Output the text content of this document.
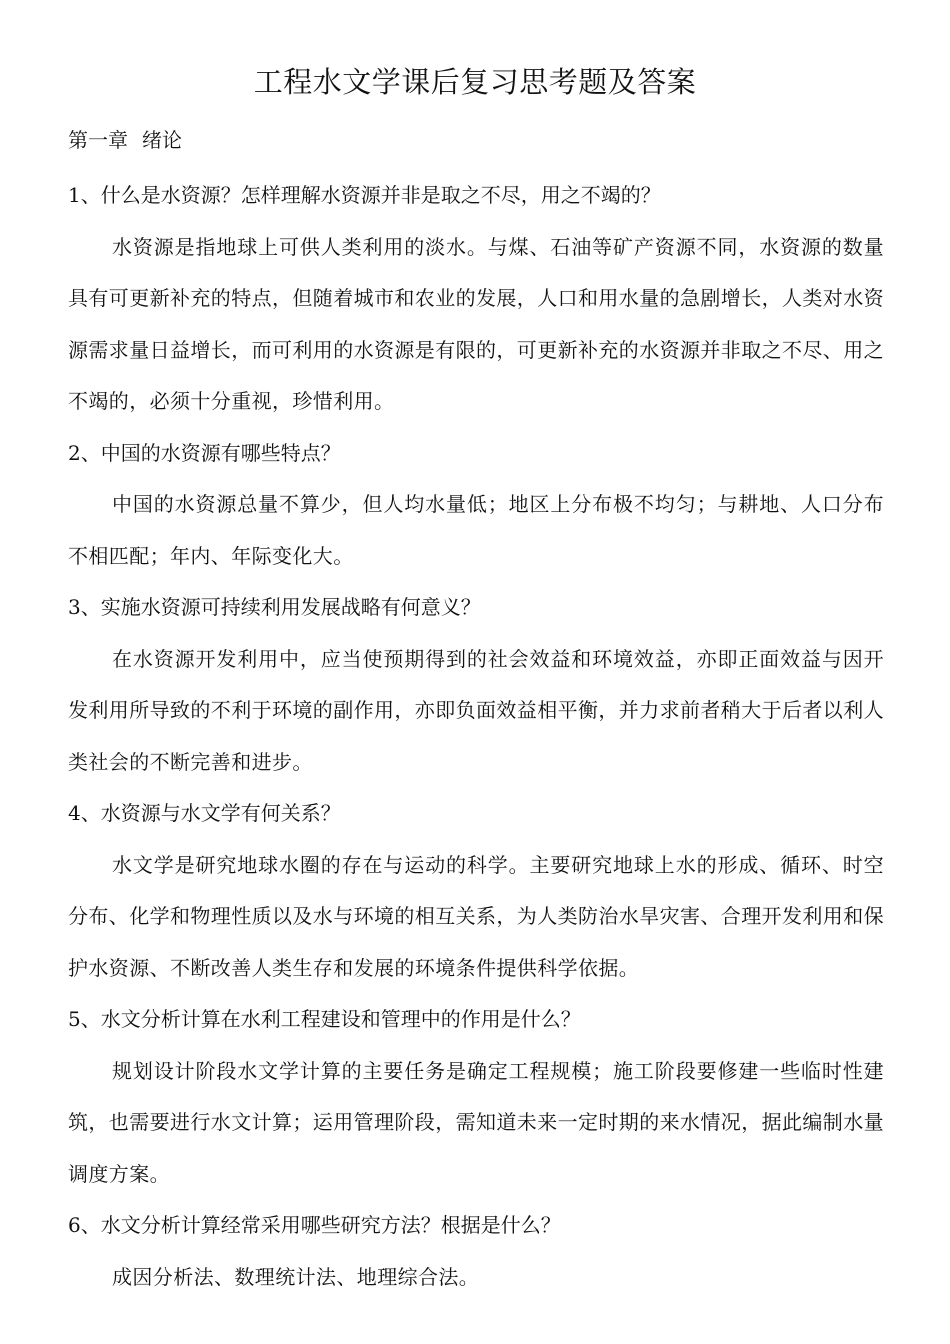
工程水文学课后复习思考题及答案
第一章 绪论

1、什么是水资源？怎样理解水资源并非是取之不尽，用之不竭的？

水资源是指地球上可供人类利用的淡水。与煤、石油等矿产资源不同，水资源的数量具有可更新补充的特点，但随着城市和农业的发展，人口和用水量的急剧增长，人类对水资源需求量日益增长，而可利用的水资源是有限的，可更新补充的水资源并非取之不尽、用之不竭的，必须十分重视，珍惜利用。

2、中国的水资源有哪些特点？

中国的水资源总量不算少，但人均水量低；地区上分布极不均匀；与耕地、人口分布不相匹配；年内、年际变化大。

3、实施水资源可持续利用发展战略有何意义？

在水资源开发利用中，应当使预期得到的社会效益和环境效益，亦即正面效益与因开发利用所导致的不利于环境的副作用，亦即负面效益相平衡，并力求前者稍大于后者以利人类社会的不断完善和进步。

4、水资源与水文学有何关系？

水文学是研究地球水圈的存在与运动的科学。主要研究地球上水的形成、循环、时空分布、化学和物理性质以及水与环境的相互关系，为人类防治水旱灾害、合理开发利用和保护水资源、不断改善人类生存和发展的环境条件提供科学依据。

5、水文分析计算在水利工程建设和管理中的作用是什么？

规划设计阶段水文学计算的主要任务是确定工程规模；施工阶段要修建一些临时性建筑，也需要进行水文计算；运用管理阶段，需知道未来一定时期的来水情况，据此编制水量调度方案。

6、水文分析计算经常采用哪些研究方法？根据是什么？

成因分析法、数理统计法、地理综合法。
